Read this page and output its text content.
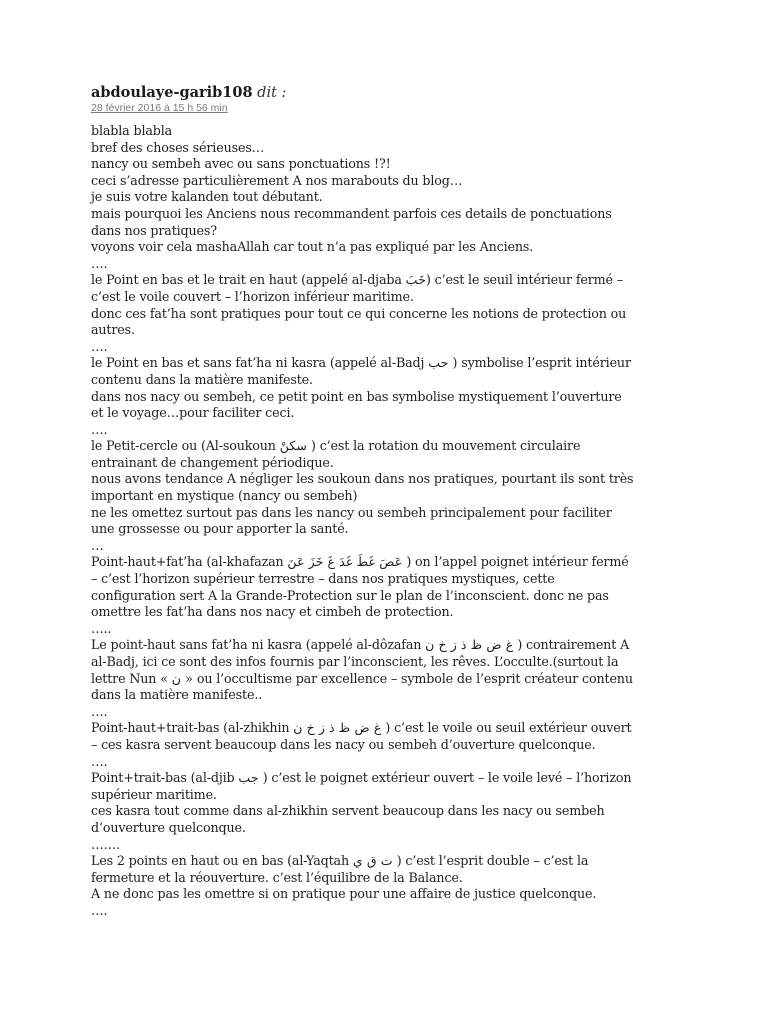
abdoulaye-garib108 dit :
28 février 2016 à 15 h 56 min
blabla blabla
bref des choses sérieuses…
nancy ou sembeh avec ou sans ponctuations !?!
ceci s’adresse particulièrement A nos marabouts du blog…
je suis votre kalanden tout débutant.
mais pourquoi les Anciens nous recommandent parfois ces details de ponctuations
dans nos pratiques?
voyons voir cela mashaAllah car tout n’a pas expliqué par les Anciens.
….
le Point en bas et le trait en haut (appelé al-djaba خَبَ) c’est le seuil intérieur fermé –
c’est le voile couvert – l’horizon inférieur maritime.
donc ces fat’ha sont pratiques pour tout ce qui concerne les notions de protection ou
autres.
….
le Point en bas et sans fat’ha ni kasra (appelé al-Badj حب ) symbolise l’esprit intérieur
contenu dans la matière manifeste.
dans nos nacy ou sembeh, ce petit point en bas symbolise mystiquement l’ouverture
et le voyage…pour faciliter ceci.
….
le Petit-cercle ou (Al-soukoun سكنْ ) c’est la rotation du mouvement circulaire
entrainant de changement périodique.
nous avons tendance A négliger les soukoun dans nos pratiques, pourtant ils sont très
important en mystique (nancy ou sembeh)
ne les omettez surtout pas dans les nancy ou sembeh principalement pour faciliter
une grossesse ou pour apporter la santé.
…
Point-haut+fat’ha (al-khafazan عَصَ غَطَ غَدَ غَ خَزَ عَنَ ) on l’appel poignet intérieur fermé
– c’est l’horizon supérieur terrestre – dans nos pratiques mystiques, cette
configuration sert A la Grande-Protection sur le plan de l’inconscient. donc ne pas
omettre les fat’ha dans nos nacy et cimbeh de protection.
…..
Le point-haut sans fat’ha ni kasra (appelé al-dôzafan غ ض ظ ذ ز خ ن ) contrairement A
al-Badj, ici ce sont des infos fournis par l’inconscient, les rêves. L’occulte.(surtout la
lettre Nun « ن » ou l’occultisme par excellence – symbole de l’esprit créateur contenu
dans la matière manifeste..
….
Point-haut+trait-bas (al-zhikhin غ ض ظ ذ ز خ ن ) c’est le voile ou seuil extérieur ouvert
– ces kasra servent beaucoup dans les nacy ou sembeh d’ouverture quelconque.
….
Point+trait-bas (al-djib جب ) c’est le poignet extérieur ouvert – le voile levé – l’horizon
supérieur maritime.
ces kasra tout comme dans al-zhikhin servent beaucoup dans les nacy ou sembeh
d’ouverture quelconque.
…….
Les 2 points en haut ou en bas (al-Yaqtah ت ق ي ) c’est l’esprit double – c’est la
fermeture et la réouverture. c’est l’équilibre de la Balance.
A ne donc pas les omettre si on pratique pour une affaire de justice quelconque.
….
